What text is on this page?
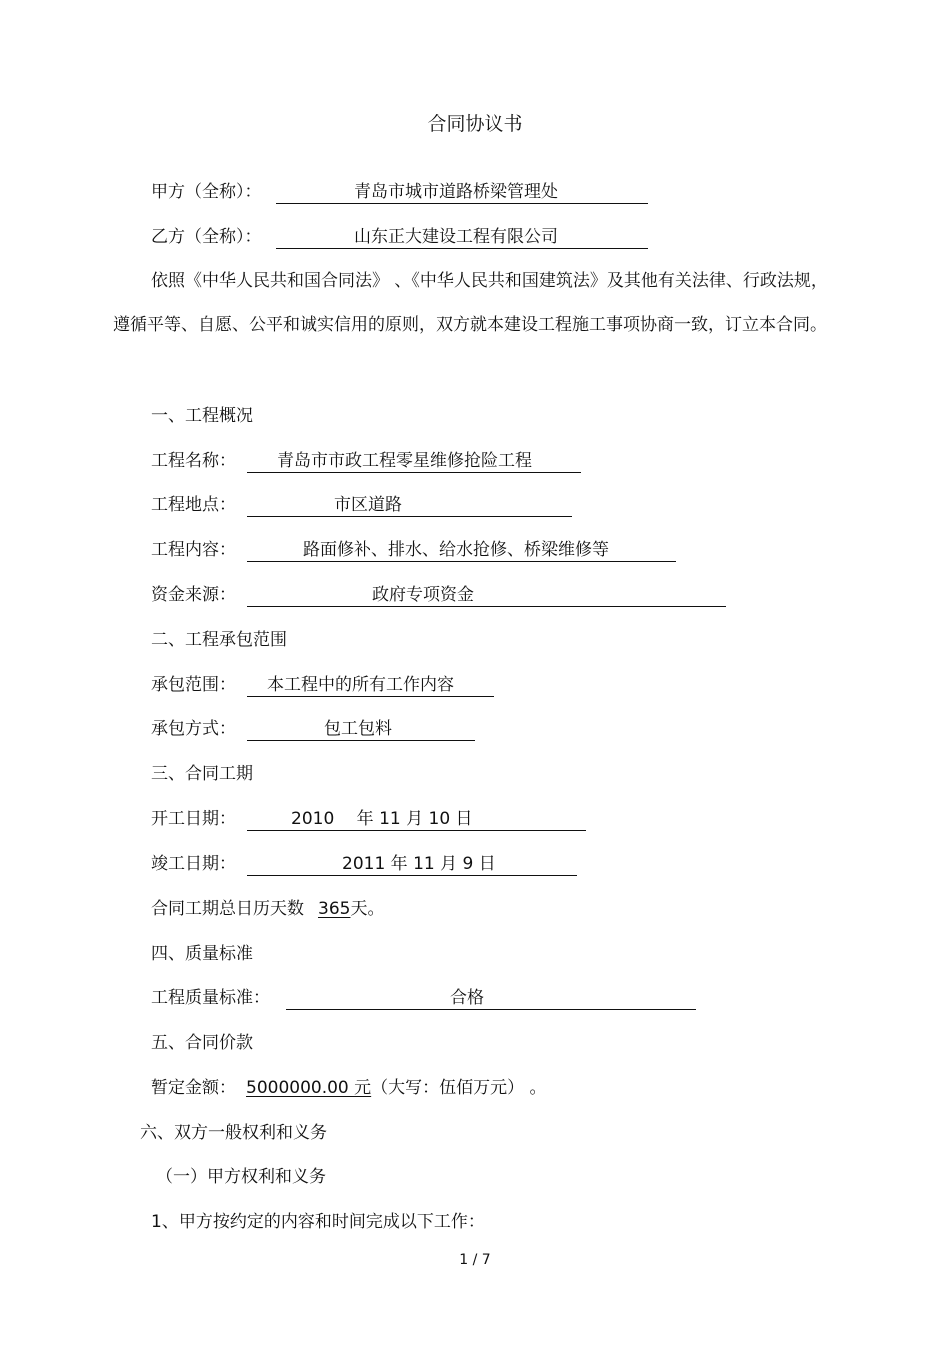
合同协议书
甲方（全称）：	青岛市城市道路桥梁管理处
乙方（全称）：	山东正大建设工程有限公司
依照《中华人民共和国合同法》 、《中华人民共和国建筑法》及其他有关法律、行政法规，遵循平等、自愿、公平和诚实信用的原则，双方就本建设工程施工事项协商一致，订立本合同。
一、工程概况
工程名称： 青岛市市政工程零星维修抢险工程
工程地点：	市区道路
工程内容：	路面修补、排水、给水抢修、桥梁维修等
资金来源：	政府专项资金
二、工程承包范围
承包范围： 本工程中的所有工作内容
承包方式：	包工包料
三、合同工期
开工日期：	2010　 年 11 月 10 日
竣工日期：	2011 年 11 月 9 日
合同工期总日历天数 365天。
四、质量标准
工程质量标准：	合格
五、合同价款
暂定金额： 5000000.00 元（大写：伍佰万元） 。
六、双方一般权利和义务
（一）甲方权利和义务
1、甲方按约定的内容和时间完成以下工作：
1 / 7
